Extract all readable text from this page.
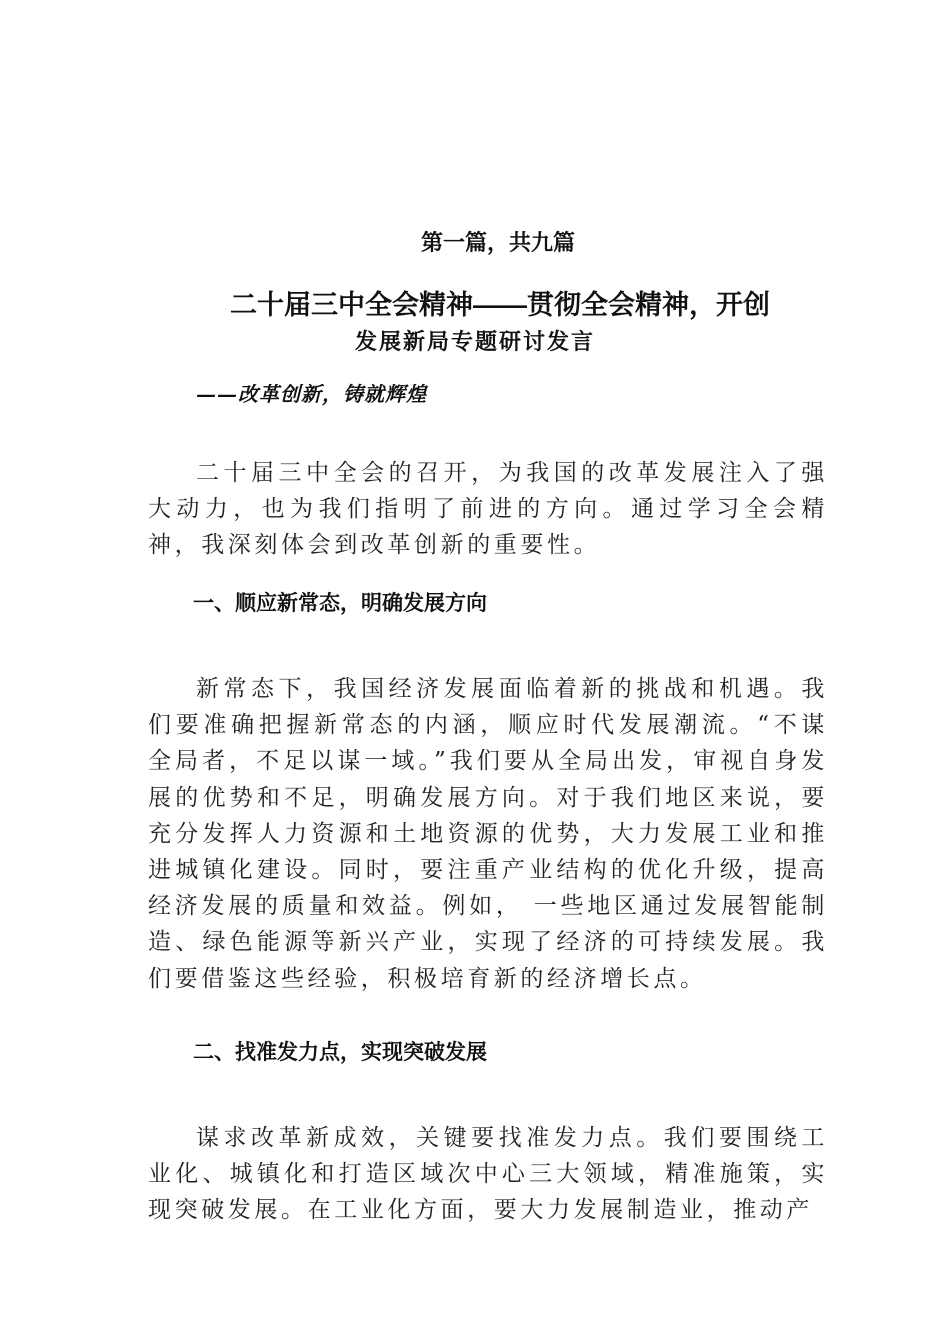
第一篇，共九篇
二十届三中全会精神——贯彻全会精神，开创
发展新局专题研讨发言
——改革创新，铸就辉煌

二十届三中全会的召开，为我国的改革发展注入了强大动力，也为我们指明了前进的方向。通过学习全会精神，我深刻体会到改革创新的重要性。

一、顺应新常态，明确发展方向

新常态下，我国经济发展面临着新的挑战和机遇。我们要准确把握新常态的内涵，顺应时代发展潮流。“不谋全局者，不足以谋一域。”我们要从全局出发，审视自身发展的优势和不足，明确发展方向。对于我们地区来说，要充分发挥人力资源和土地资源的优势，大力发展工业和推进城镇化建设。同时，要注重产业结构的优化升级，提高经济发展的质量和效益。例如， 一些地区通过发展智能制造、绿色能源等新兴产业，实现了经济的可持续发展。我们要借鉴这些经验，积极培育新的经济增长点。

二、找准发力点，实现突破发展

谋求改革新成效，关键要找准发力点。我们要围绕工业化、城镇化和打造区域次中心三大领域，精准施策，实现突破发展。在工业化方面，要大力发展制造业，推动产
